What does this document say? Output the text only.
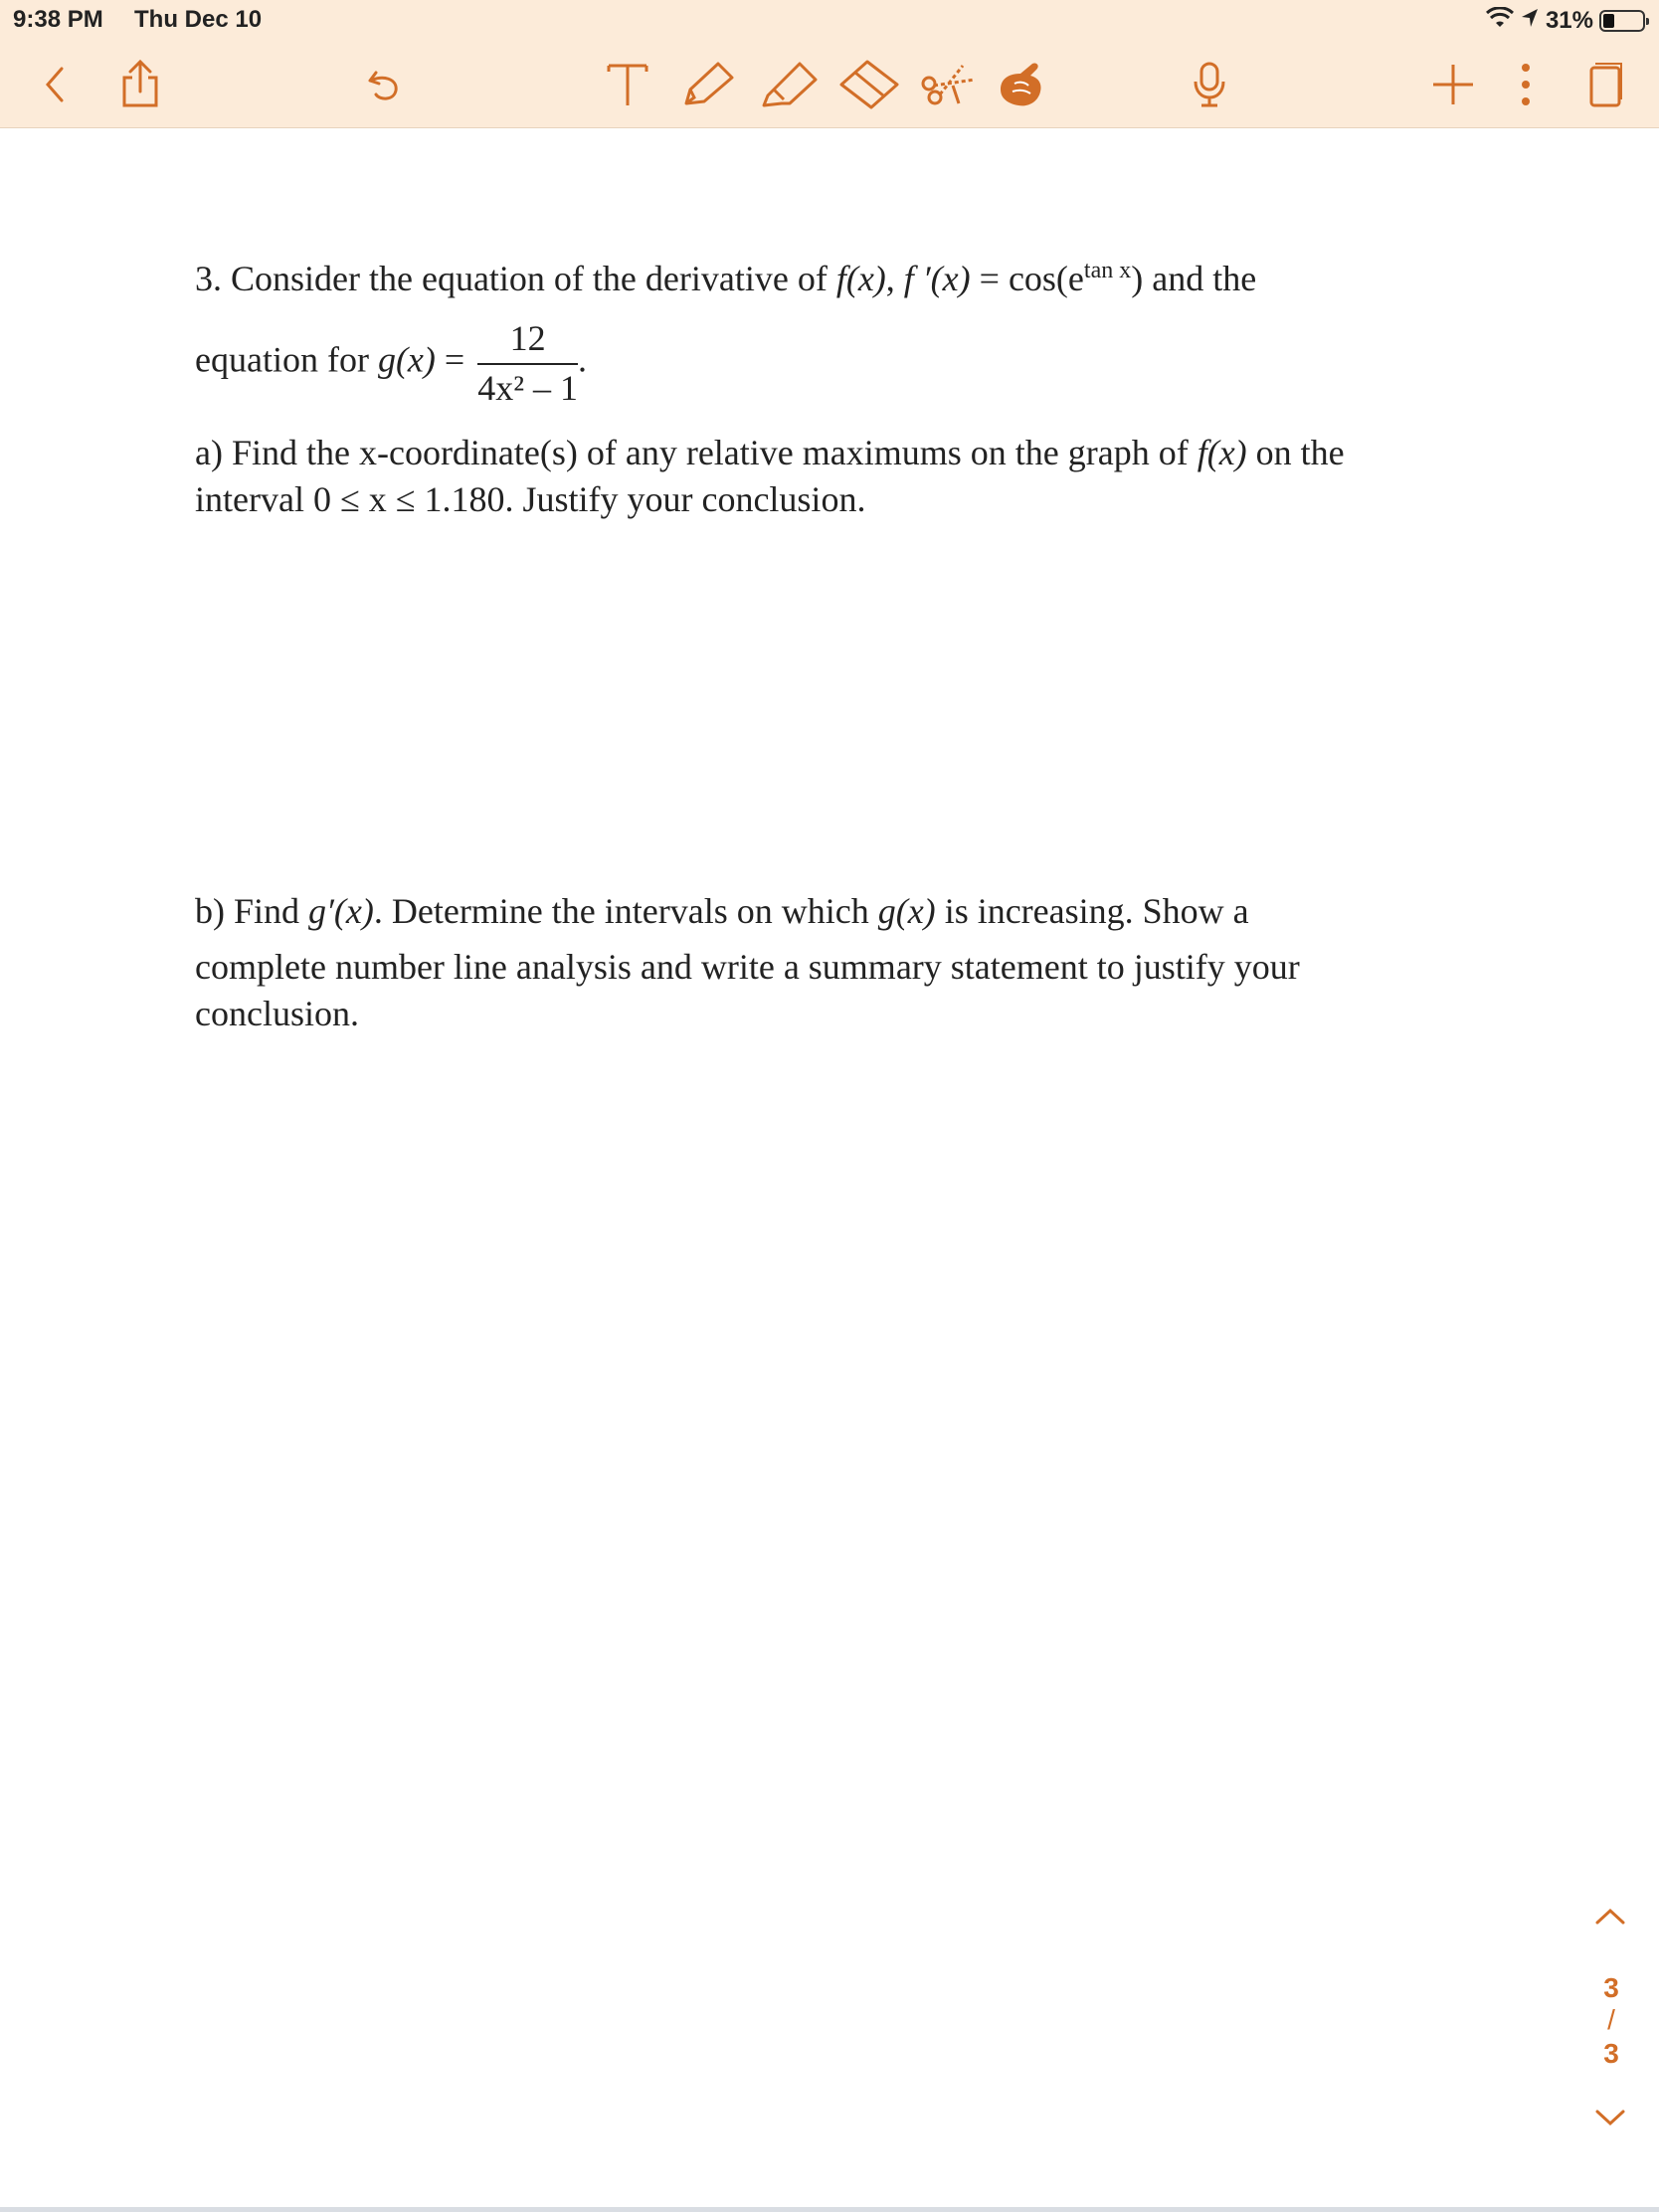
9:38 PM Thu Dec 10	31%
3. Consider the equation of the derivative of f(x), f $'(x) = \cos(e^{tan x})$ and the
equation for $g(x) = \frac{12}{\text{4x² – 1}}$ .
a) Find the x-coordinate(s) of any relative maximums on the graph of f(x) on the
interval 0 ≤ x ≤ 1.180. Justify your conclusion.
b) Find g′(x). Determine the intervals on which g(x) is increasing. Show a
complete number line analysis and write a summary statement to justify your
conclusion.
3
/
3
